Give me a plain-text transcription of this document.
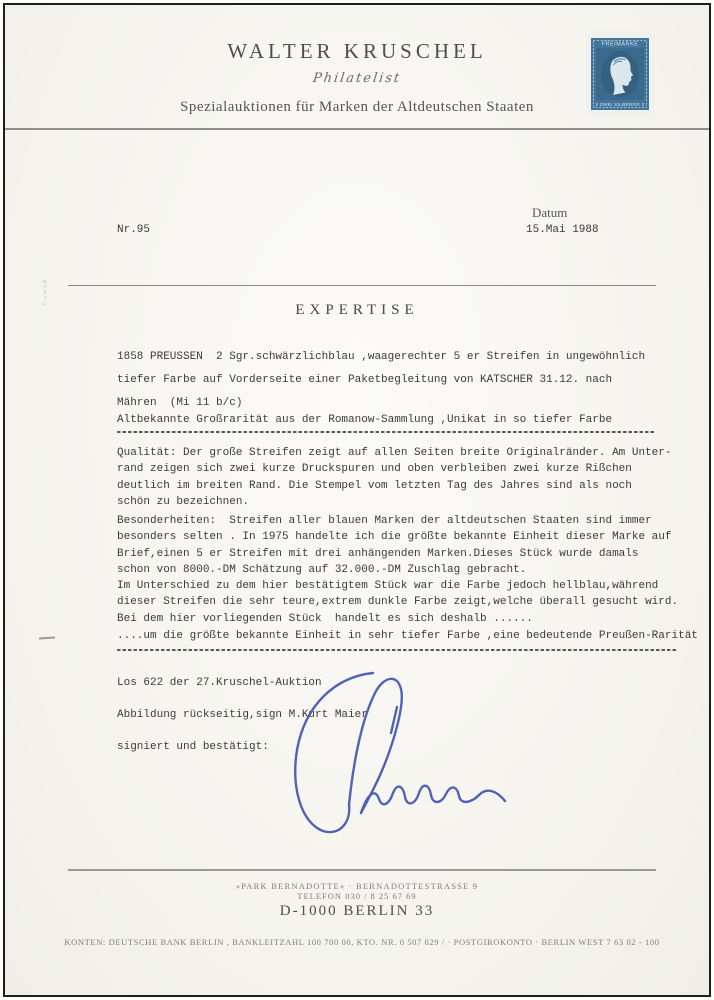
WALTER KRUSCHEL
Philatelist
Spezialauktionen für Marken der Altdeutschen Staaten
FREIMARKE
2 ZWEI SILBERGR 2
Datum
15.Mai 1988
Nr.95
EXPERTISE
1858 PREUSSEN  2 Sgr.schwärzlichblau ,waagerechter 5 er Streifen in ungewöhnlich
tiefer Farbe auf Vorderseite einer Paketbegleitung von KATSCHER 31.12. nach
Mähren  (Mi 11 b/c)
Altbekannte Großrarität aus der Romanow-Sammlung ,Unikat in so tiefer Farbe
Qualität: Der große Streifen zeigt auf allen Seiten breite Originalränder. Am Unter-
rand zeigen sich zwei kurze Druckspuren und oben verbleiben zwei kurze Rißchen
deutlich im breiten Rand. Die Stempel vom letzten Tag des Jahres sind als noch
schön zu bezeichnen.
Besonderheiten:  Streifen aller blauen Marken der altdeutschen Staaten sind immer
besonders selten . In 1975 handelte ich die größte bekannte Einheit dieser Marke auf
Brief,einen 5 er Streifen mit drei anhängenden Marken.Dieses Stück wurde damals
schon von 8000.-DM Schätzung auf 32.000.-DM Zuschlag gebracht.
Im Unterschied zu dem hier bestätigtem Stück war die Farbe jedoch hellblau,während
dieser Streifen die sehr teure,extrem dunkle Farbe zeigt,welche überall gesucht wird.
Bei dem hier vorliegenden Stück  handelt es sich deshalb ......
....um die größte bekannte Einheit in sehr tiefer Farbe ,eine bedeutende Preußen-Rarität
Los 622 der 27.Kruschel-Auktion
Abbildung rückseitig,sign M.Kurt Maier
signiert und bestätigt:
GAWAB
»PARK BERNADOTTE« · BERNADOTTESTRASSE 9
TELEFON 030 / 8 25 67 69
D-1000 BERLIN 33
KONTEN: DEUTSCHE BANK BERLIN , BANKLEITZAHL 100 700 00, KTO. NR. 0 507 029 / · POSTGIROKONTO · BERLIN WEST 7 63 02 - 100
